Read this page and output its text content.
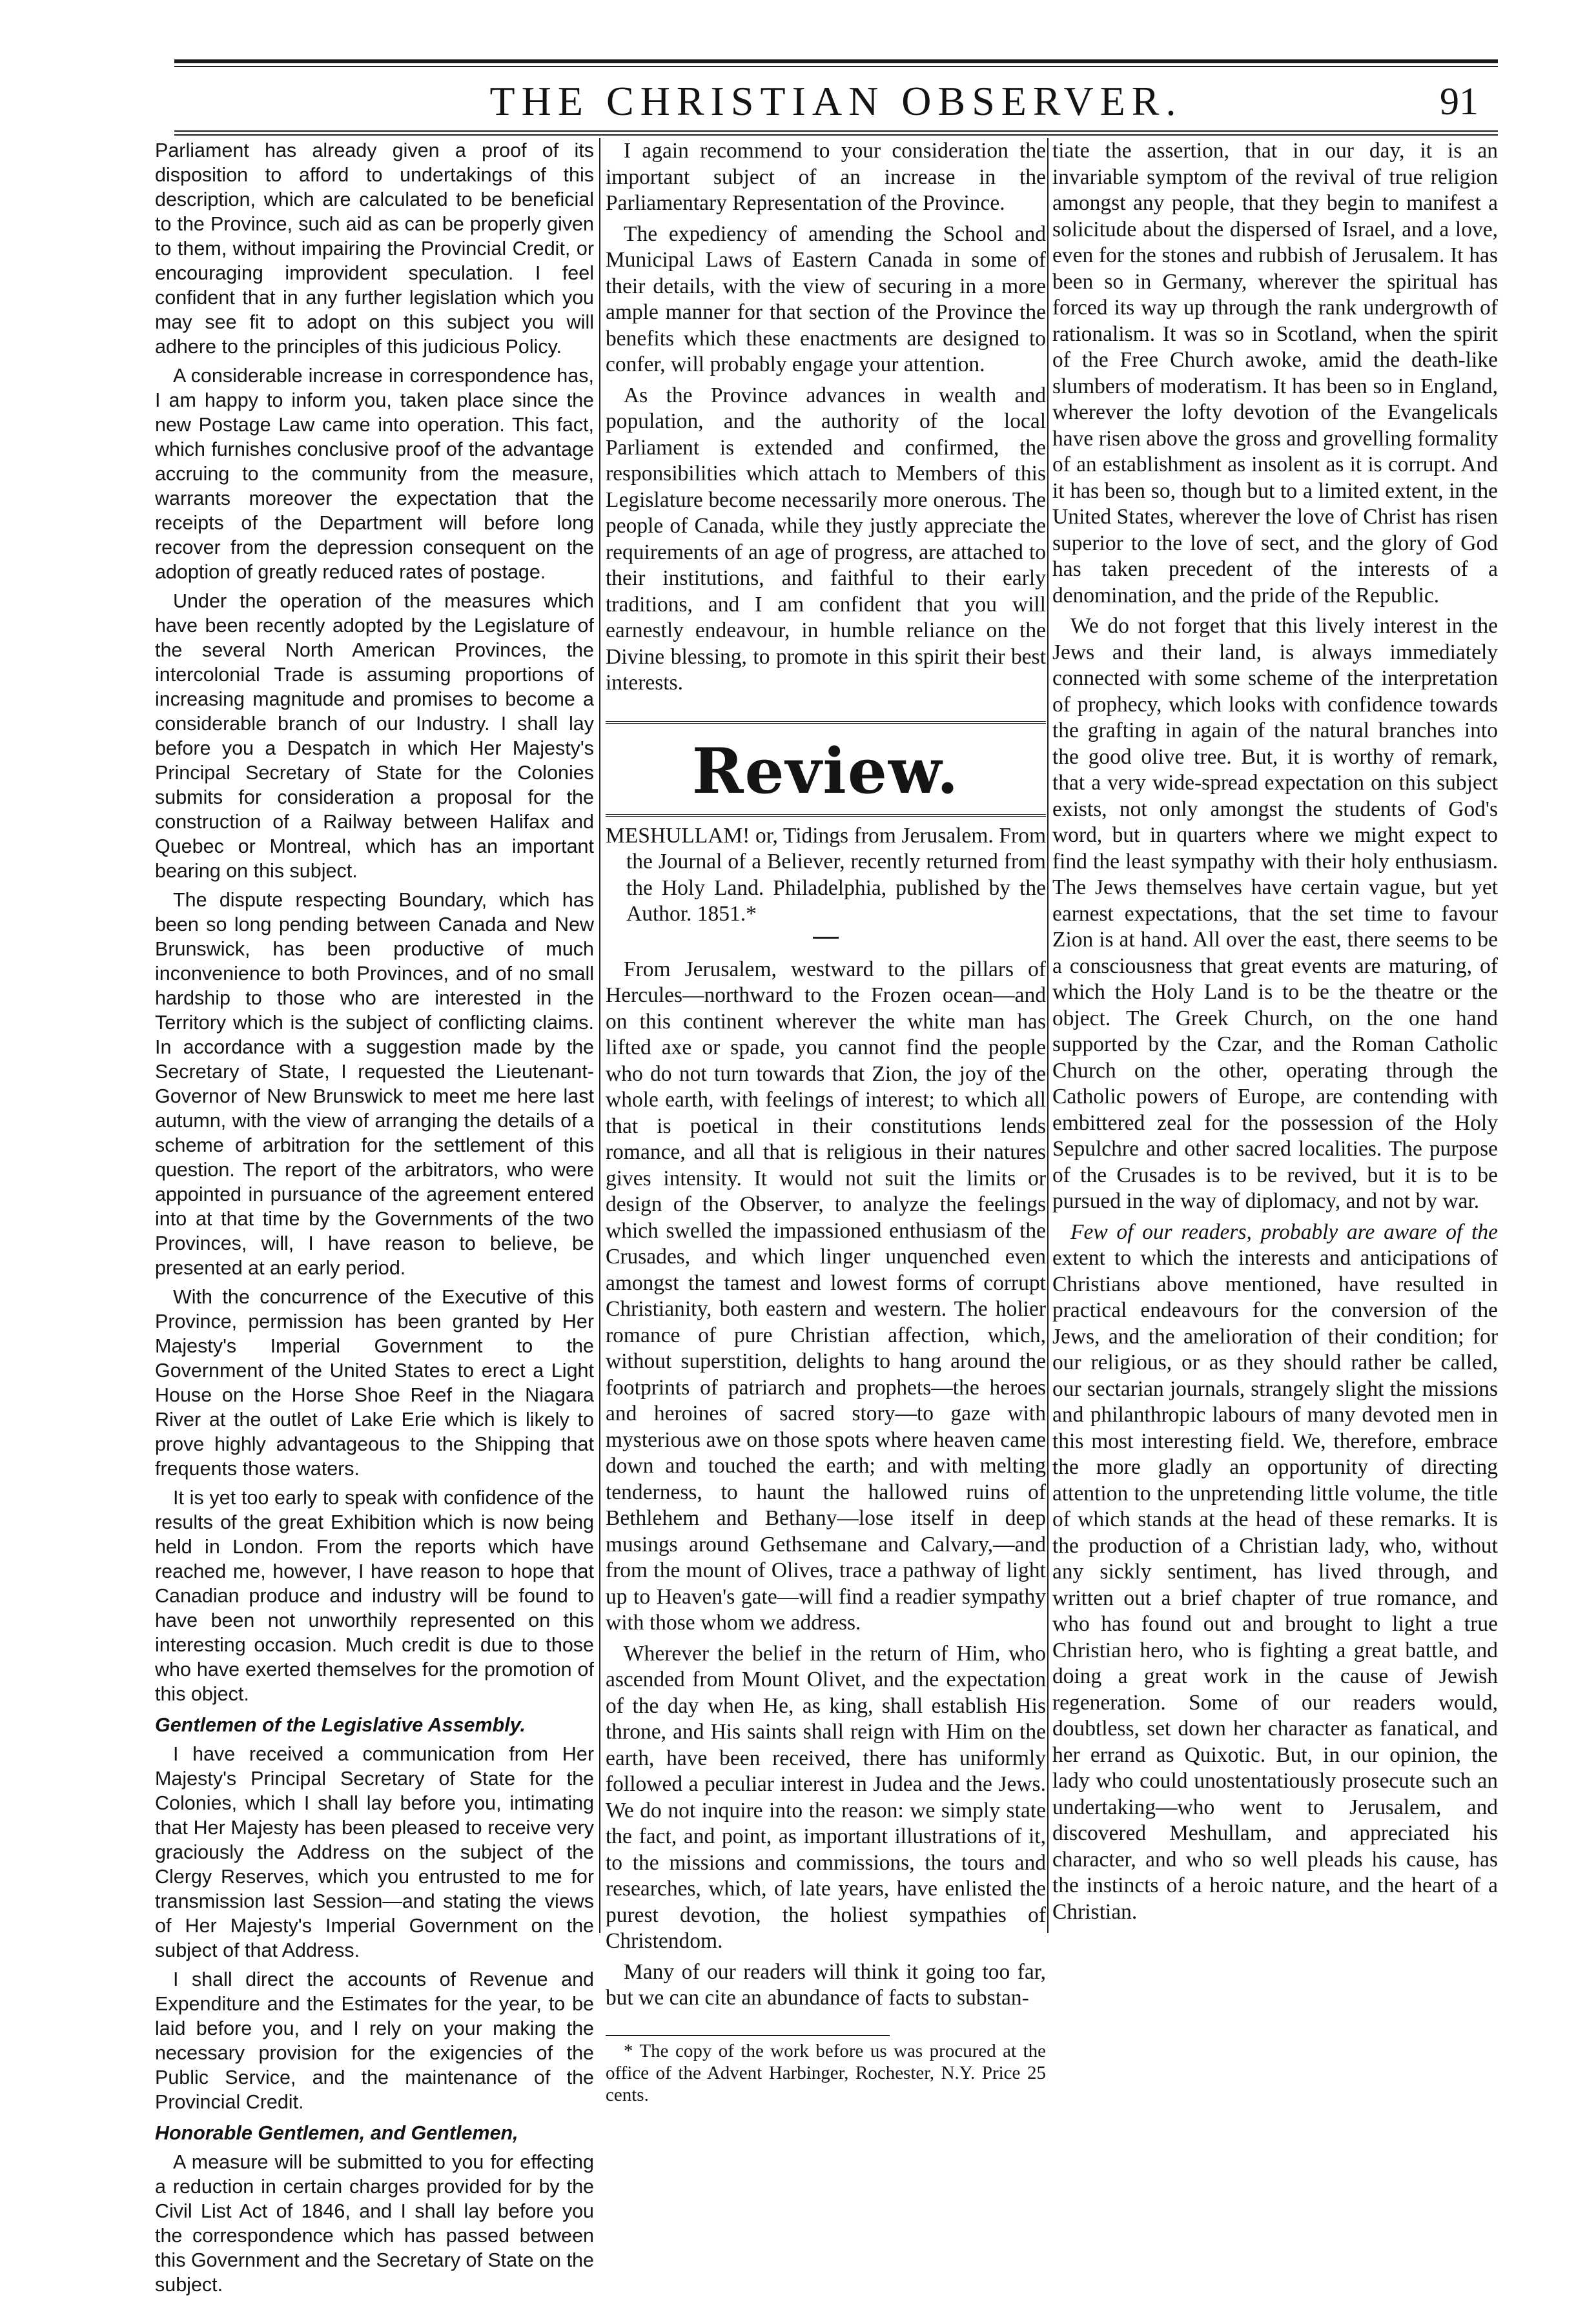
THE CHRISTIAN OBSERVER.	91

Parliament has already given a proof of its disposition to afford to undertakings of this description, which are calculated to be beneficial to the Province, such aid as can be properly given to them, without impairing the Provincial Credit, or encouraging improvident speculation. I feel confident that in any further legislation which you may see fit to adopt on this subject you will adhere to the principles of this judicious Policy.

A considerable increase in correspondence has, I am happy to inform you, taken place since the new Postage Law came into operation. This fact, which furnishes conclusive proof of the advantage accruing to the community from the measure, warrants moreover the expectation that the receipts of the Department will before long recover from the depression consequent on the adoption of greatly reduced rates of postage.

Under the operation of the measures which have been recently adopted by the Legislature of the several North American Provinces, the intercolonial Trade is assuming proportions of increasing magnitude and promises to become a considerable branch of our Industry. I shall lay before you a Despatch in which Her Majesty's Principal Secretary of State for the Colonies submits for consideration a proposal for the construction of a Railway between Halifax and Quebec or Montreal, which has an important bearing on this subject.

The dispute respecting Boundary, which has been so long pending between Canada and New Brunswick, has been productive of much inconvenience to both Provinces, and of no small hardship to those who are interested in the Territory which is the subject of conflicting claims. In accordance with a suggestion made by the Secretary of State, I requested the Lieutenant-Governor of New Brunswick to meet me here last autumn, with the view of arranging the details of a scheme of arbitration for the settlement of this question. The report of the arbitrators, who were appointed in pursuance of the agreement entered into at that time by the Governments of the two Provinces, will, I have reason to believe, be presented at an early period.

With the concurrence of the Executive of this Province, permission has been granted by Her Majesty's Imperial Government to the Government of the United States to erect a Light House on the Horse Shoe Reef in the Niagara River at the outlet of Lake Erie which is likely to prove highly advantageous to the Shipping that frequents those waters.

It is yet too early to speak with confidence of the results of the great Exhibition which is now being held in London. From the reports which have reached me, however, I have reason to hope that Canadian produce and industry will be found to have been not unworthily represented on this interesting occasion. Much credit is due to those who have exerted themselves for the promotion of this object.

Gentlemen of the Legislative Assembly.

I have received a communication from Her Majesty's Principal Secretary of State for the Colonies, which I shall lay before you, intimating that Her Majesty has been pleased to receive very graciously the Address on the subject of the Clergy Reserves, which you entrusted to me for transmission last Session—and stating the views of Her Majesty's Imperial Government on the subject of that Address.

I shall direct the accounts of Revenue and Expenditure and the Estimates for the year, to be laid before you, and I rely on your making the necessary provision for the exigencies of the Public Service, and the maintenance of the Provincial Credit.

Honorable Gentlemen, and Gentlemen,

A measure will be submitted to you for effecting a reduction in certain charges provided for by the Civil List Act of 1846, and I shall lay before you the correspondence which has passed between this Government and the Secretary of State on the subject.

I again recommend to your consideration the important subject of an increase in the Parliamentary Representation of the Province.

The expediency of amending the School and Municipal Laws of Eastern Canada in some of their details, with the view of securing in a more ample manner for that section of the Province the benefits which these enactments are designed to confer, will probably engage your attention.

As the Province advances in wealth and population, and the authority of the local Parliament is extended and confirmed, the responsibilities which attach to Members of this Legislature become necessarily more onerous. The people of Canada, while they justly appreciate the requirements of an age of progress, are attached to their institutions, and faithful to their early traditions, and I am confident that you will earnestly endeavour, in humble reliance on the Divine blessing, to promote in this spirit their best interests.

Review.

MESHULLAM! or, Tidings from Jerusalem. From the Journal of a Believer, recently returned from the Holy Land. Philadelphia, published by the Author. 1851.*

From Jerusalem, westward to the pillars of Hercules—northward to the Frozen ocean—and on this continent wherever the white man has lifted axe or spade, you cannot find the people who do not turn towards that Zion, the joy of the whole earth, with feelings of interest; to which all that is poetical in their constitutions lends romance, and all that is religious in their natures gives intensity. It would not suit the limits or design of the Observer, to analyze the feelings which swelled the impassioned enthusiasm of the Crusades, and which linger unquenched even amongst the tamest and lowest forms of corrupt Christianity, both eastern and western. The holier romance of pure Christian affection, which, without superstition, delights to hang around the footprints of patriarch and prophets—the heroes and heroines of sacred story—to gaze with mysterious awe on those spots where heaven came down and touched the earth; and with melting tenderness, to haunt the hallowed ruins of Bethlehem and Bethany—lose itself in deep musings around Gethsemane and Calvary,—and from the mount of Olives, trace a pathway of light up to Heaven's gate—will find a readier sympathy with those whom we address.

Wherever the belief in the return of Him, who ascended from Mount Olivet, and the expectation of the day when He, as king, shall establish His throne, and His saints shall reign with Him on the earth, have been received, there has uniformly followed a peculiar interest in Judea and the Jews. We do not inquire into the reason: we simply state the fact, and point, as important illustrations of it, to the missions and commissions, the tours and researches, which, of late years, have enlisted the purest devotion, the holiest sympathies of Christendom.

Many of our readers will think it going too far, but we can cite an abundance of facts to substan-

* The copy of the work before us was procured at the office of the Advent Harbinger, Rochester, N.Y. Price 25 cents.

tiate the assertion, that in our day, it is an invariable symptom of the revival of true religion amongst any people, that they begin to manifest a solicitude about the dispersed of Israel, and a love, even for the stones and rubbish of Jerusalem. It has been so in Germany, wherever the spiritual has forced its way up through the rank undergrowth of rationalism. It was so in Scotland, when the spirit of the Free Church awoke, amid the death-like slumbers of moderatism. It has been so in England, wherever the lofty devotion of the Evangelicals have risen above the gross and grovelling formality of an establishment as insolent as it is corrupt. And it has been so, though but to a limited extent, in the United States, wherever the love of Christ has risen superior to the love of sect, and the glory of God has taken precedent of the interests of a denomination, and the pride of the Republic.

We do not forget that this lively interest in the Jews and their land, is always immediately connected with some scheme of the interpretation of prophecy, which looks with confidence towards the grafting in again of the natural branches into the good olive tree. But, it is worthy of remark, that a very wide-spread expectation on this subject exists, not only amongst the students of God's word, but in quarters where we might expect to find the least sympathy with their holy enthusiasm. The Jews themselves have certain vague, but yet earnest expectations, that the set time to favour Zion is at hand. All over the east, there seems to be a consciousness that great events are maturing, of which the Holy Land is to be the theatre or the object. The Greek Church, on the one hand supported by the Czar, and the Roman Catholic Church on the other, operating through the Catholic powers of Europe, are contending with embittered zeal for the possession of the Holy Sepulchre and other sacred localities. The purpose of the Crusades is to be revived, but it is to be pursued in the way of diplomacy, and not by war.

Few of our readers, probably are aware of the extent to which the interests and anticipations of Christians above mentioned, have resulted in practical endeavours for the conversion of the Jews, and the amelioration of their condition; for our religious, or as they should rather be called, our sectarian journals, strangely slight the missions and philanthropic labours of many devoted men in this most interesting field. We, therefore, embrace the more gladly an opportunity of directing attention to the unpretending little volume, the title of which stands at the head of these remarks. It is the production of a Christian lady, who, without any sickly sentiment, has lived through, and written out a brief chapter of true romance, and who has found out and brought to light a true Christian hero, who is fighting a great battle, and doing a great work in the cause of Jewish regeneration. Some of our readers would, doubtless, set down her character as fanatical, and her errand as Quixotic. But, in our opinion, the lady who could unostentatiously prosecute such an undertaking—who went to Jerusalem, and discovered Meshullam, and appreciated his character, and who so well pleads his cause, has the instincts of a heroic nature, and the heart of a Christian.
